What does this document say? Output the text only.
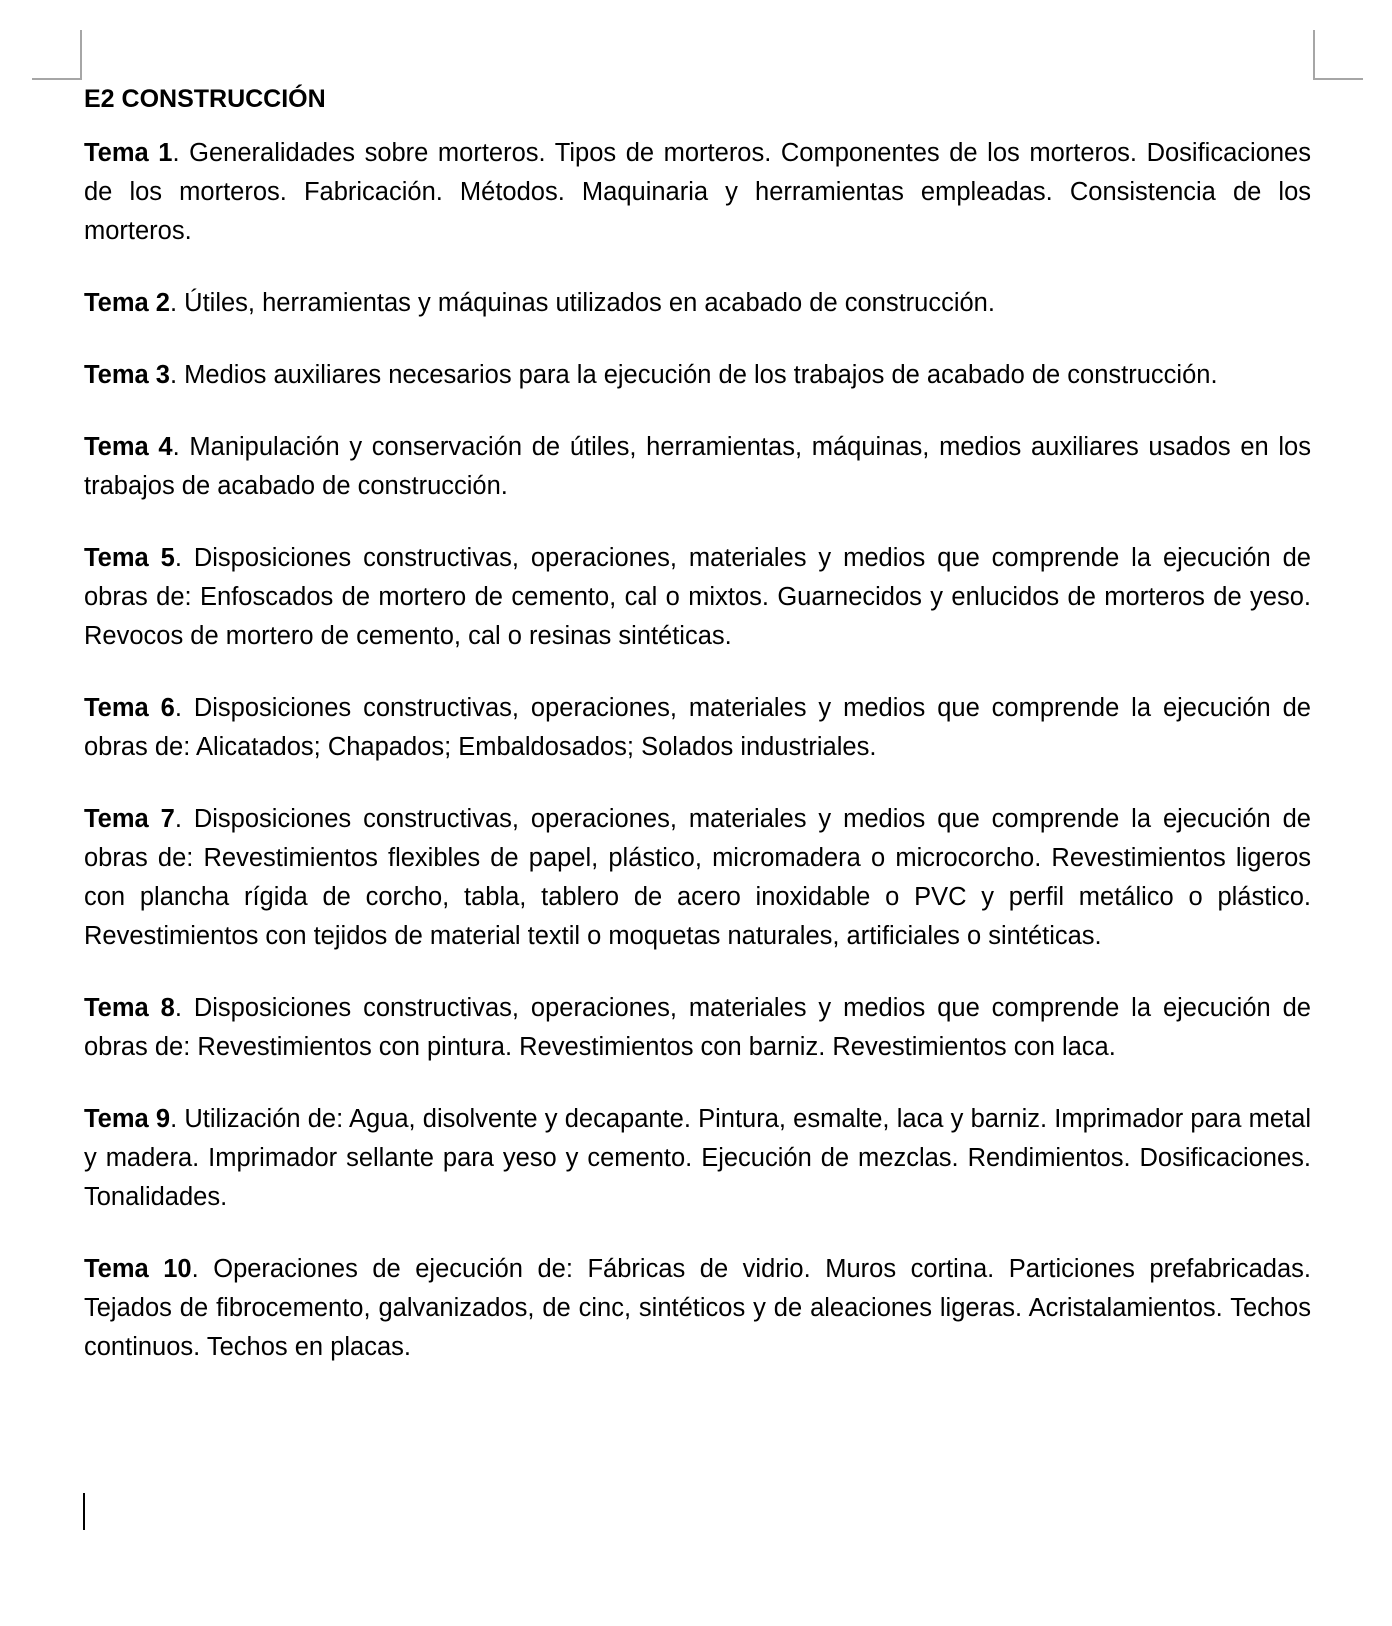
E2 CONSTRUCCIÓN

Tema 1. Generalidades sobre morteros. Tipos de morteros. Componentes de los morteros. Dosificaciones de los morteros. Fabricación. Métodos. Maquinaria y herramientas empleadas. Consistencia de los morteros.

Tema 2. Útiles, herramientas y máquinas utilizados en acabado de construcción.

Tema 3. Medios auxiliares necesarios para la ejecución de los trabajos de acabado de construcción.

Tema 4. Manipulación y conservación de útiles, herramientas, máquinas, medios auxiliares usados en los trabajos de acabado de construcción.

Tema 5. Disposiciones constructivas, operaciones, materiales y medios que comprende la ejecución de obras de: Enfoscados de mortero de cemento, cal o mixtos. Guarnecidos y enlucidos de morteros de yeso. Revocos de mortero de cemento, cal o resinas sintéticas.

Tema 6. Disposiciones constructivas, operaciones, materiales y medios que comprende la ejecución de obras de: Alicatados; Chapados; Embaldosados; Solados industriales.

Tema 7. Disposiciones constructivas, operaciones, materiales y medios que comprende la ejecución de obras de: Revestimientos flexibles de papel, plástico, micromadera o microcorcho. Revestimientos ligeros con plancha rígida de corcho, tabla, tablero de acero inoxidable o PVC y perfil metálico o plástico. Revestimientos con tejidos de material textil o moquetas naturales, artificiales o sintéticas.

Tema 8. Disposiciones constructivas, operaciones, materiales y medios que comprende la ejecución de obras de: Revestimientos con pintura. Revestimientos con barniz. Revestimientos con laca.

Tema 9. Utilización de: Agua, disolvente y decapante. Pintura, esmalte, laca y barniz. Imprimador para metal y madera. Imprimador sellante para yeso y cemento. Ejecución de mezclas. Rendimientos. Dosificaciones. Tonalidades.

Tema 10. Operaciones de ejecución de: Fábricas de vidrio. Muros cortina. Particiones prefabricadas. Tejados de fibrocemento, galvanizados, de cinc, sintéticos y de aleaciones ligeras. Acristalamientos. Techos continuos. Techos en placas.
